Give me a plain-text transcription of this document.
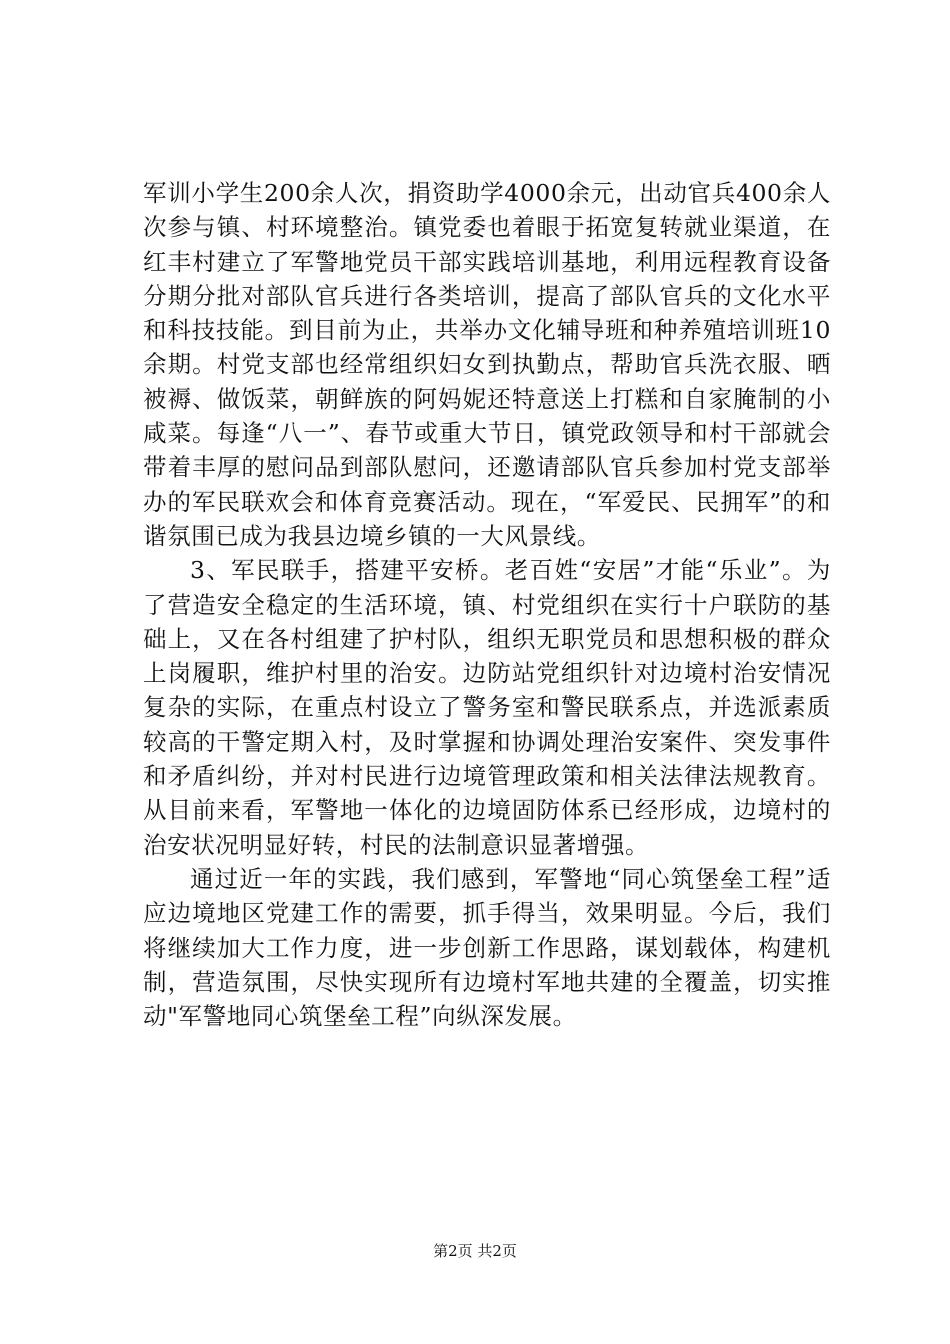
军训小学生200余人次，捐资助学4000余元，出动官兵400余人次参与镇、村环境整治。镇党委也着眼于拓宽复转就业渠道，在红丰村建立了军警地党员干部实践培训基地，利用远程教育设备分期分批对部队官兵进行各类培训，提高了部队官兵的文化水平和科技技能。到目前为止，共举办文化辅导班和种养殖培训班10余期。村党支部也经常组织妇女到执勤点，帮助官兵洗衣服、晒被褥、做饭菜，朝鲜族的阿妈妮还特意送上打糕和自家腌制的小咸菜。每逢“八一”、春节或重大节日，镇党政领导和村干部就会带着丰厚的慰问品到部队慰问，还邀请部队官兵参加村党支部举办的军民联欢会和体育竞赛活动。现在，“军爱民、民拥军”的和谐氛围已成为我县边境乡镇的一大风景线。

3、军民联手，搭建平安桥。老百姓“安居”才能“乐业”。为了营造安全稳定的生活环境，镇、村党组织在实行十户联防的基础上，又在各村组建了护村队，组织无职党员和思想积极的群众上岗履职，维护村里的治安。边防站党组织针对边境村治安情况复杂的实际，在重点村设立了警务室和警民联系点，并选派素质较高的干警定期入村，及时掌握和协调处理治安案件、突发事件和矛盾纠纷，并对村民进行边境管理政策和相关法律法规教育。从目前来看，军警地一体化的边境固防体系已经形成，边境村的治安状况明显好转，村民的法制意识显著增强。

通过近一年的实践，我们感到，军警地“同心筑堡垒工程”适应边境地区党建工作的需要，抓手得当，效果明显。今后，我们将继续加大工作力度，进一步创新工作思路，谋划载体，构建机制，营造氛围，尽快实现所有边境村军地共建的全覆盖，切实推动"军警地同心筑堡垒工程”向纵深发展。

第2页 共2页
